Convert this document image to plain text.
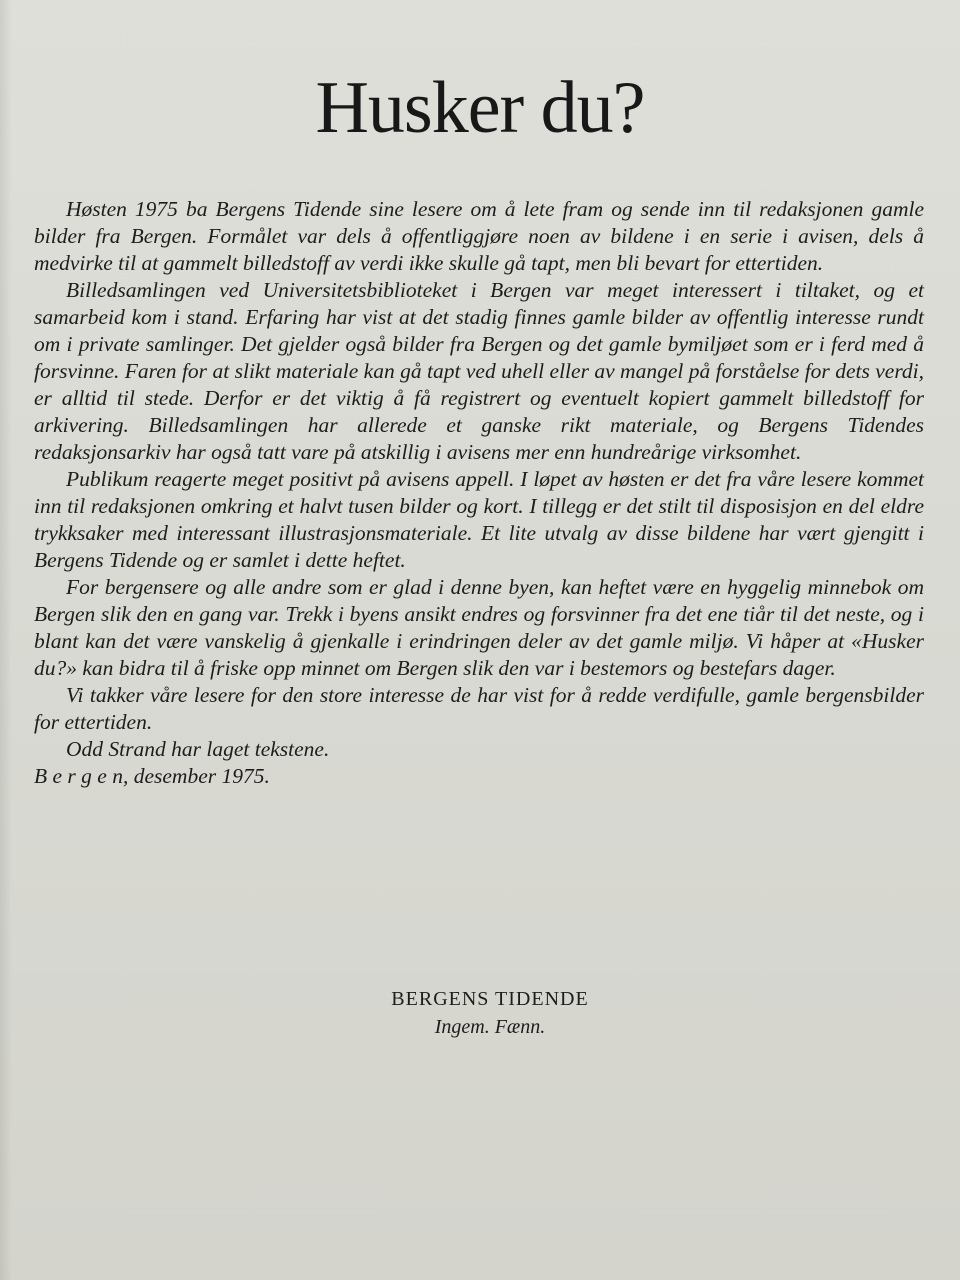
Husker du?

Høsten 1975 ba Bergens Tidende sine lesere om å lete fram og sende inn til redaksjonen gamle bilder fra Bergen. Formålet var dels å offentliggjøre noen av bildene i en serie i avisen, dels å medvirke til at gammelt billedstoff av verdi ikke skulle gå tapt, men bli bevart for ettertiden.

Billedsamlingen ved Universitetsbiblioteket i Bergen var meget interessert i tiltaket, og et samarbeid kom i stand. Erfaring har vist at det stadig finnes gamle bilder av offentlig interesse rundt om i private samlinger. Det gjelder også bilder fra Bergen og det gamle bymiljøet som er i ferd med å forsvinne. Faren for at slikt materiale kan gå tapt ved uhell eller av mangel på forståelse for dets verdi, er alltid til stede. Derfor er det viktig å få registrert og eventuelt kopiert gammelt billedstoff for arkivering. Billedsamlingen har allerede et ganske rikt materiale, og Bergens Tidendes redaksjonsarkiv har også tatt vare på atskillig i avisens mer enn hundreårige virksomhet.

Publikum reagerte meget positivt på avisens appell. I løpet av høsten er det fra våre lesere kommet inn til redaksjonen omkring et halvt tusen bilder og kort. I tillegg er det stilt til disposisjon en del eldre trykksaker med interessant illustrasjonsmateriale. Et lite utvalg av disse bildene har vært gjengitt i Bergens Tidende og er samlet i dette heftet.

For bergensere og alle andre som er glad i denne byen, kan heftet være en hyggelig minnebok om Bergen slik den en gang var. Trekk i byens ansikt endres og forsvinner fra det ene tiår til det neste, og i blant kan det være vanskelig å gjenkalle i erindringen deler av det gamle miljø. Vi håper at «Husker du?» kan bidra til å friske opp minnet om Bergen slik den var i bestemors og bestefars dager.

Vi takker våre lesere for den store interesse de har vist for å redde verdifulle, gamle bergensbilder for ettertiden.

Odd Strand har laget tekstene.

B e r g e n, desember 1975.

BERGENS TIDENDE
Ingem. Fænn.
